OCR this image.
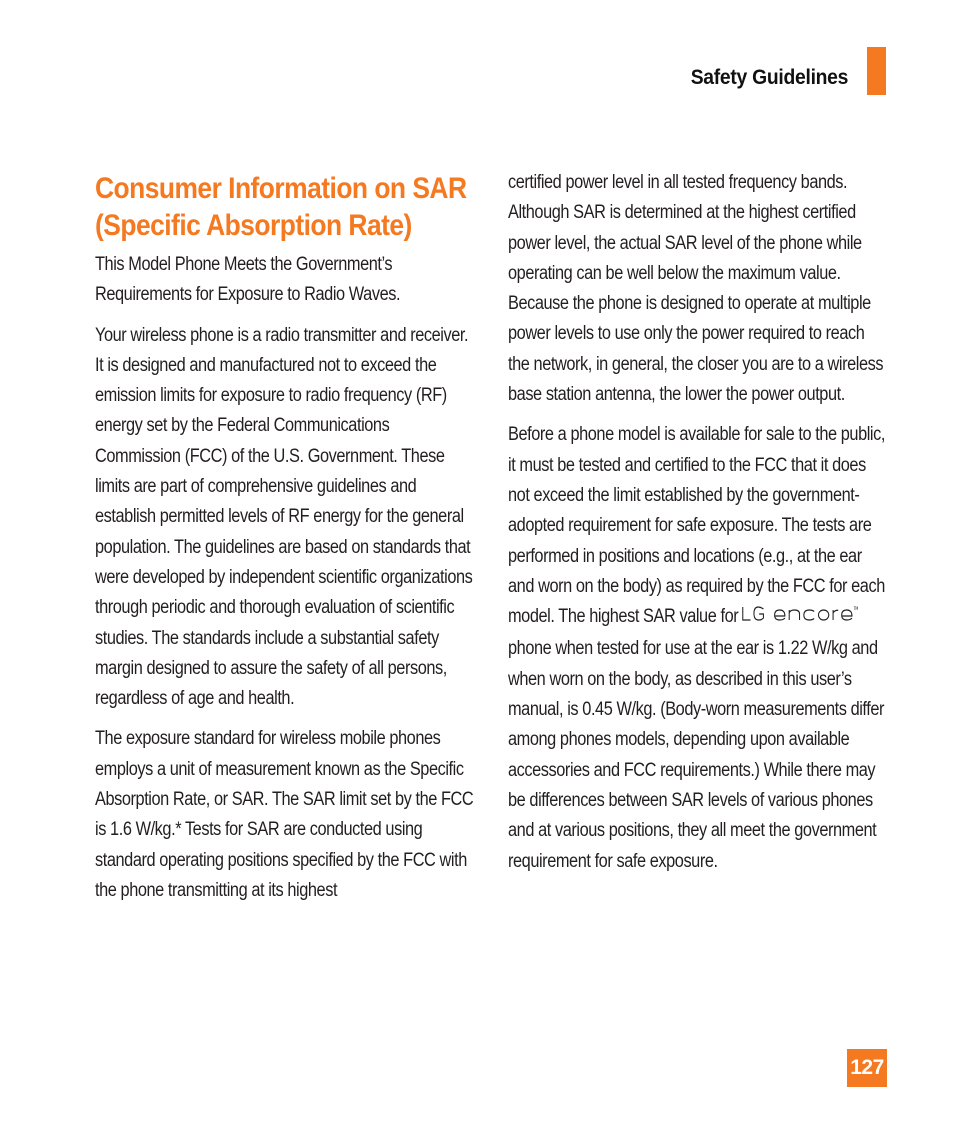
Safety Guidelines
Consumer Information on SAR (Specific Absorption Rate)

This Model Phone Meets the Government’s Requirements for Exposure to Radio Waves.

Your wireless phone is a radio transmitter and receiver. It is designed and manufactured not to exceed the emission limits for exposure to radio frequency (RF) energy set by the Federal Communications Commission (FCC) of the U.S. Government. These limits are part of comprehensive guidelines and establish permitted levels of RF energy for the general population. The guidelines are based on standards that were developed by independent scientific organizations through periodic and thorough evaluation of scientific studies. The standards include a substantial safety margin designed to assure the safety of all persons, regardless of age and health.

The exposure standard for wireless mobile phones employs a unit of measurement known as the Specific Absorption Rate, or SAR. The SAR limit set by the FCC is 1.6 W/kg.* Tests for SAR are conducted using standard operating positions specified by the FCC with the phone transmitting at its highest

certified power level in all tested frequency bands. Although SAR is determined at the highest certified power level, the actual SAR level of the phone while operating can be well below the maximum value. Because the phone is designed to operate at multiple power levels to use only the power required to reach the network, in general, the closer you are to a wireless base station antenna, the lower the power output.

Before a phone model is available for sale to the public, it must be tested and certified to the FCC that it does not exceed the limit established by the government-adopted requirement for safe exposure. The tests are performed in positions and locations (e.g., at the ear and worn on the body) as required by the FCC for each model. The highest SAR value for	TM
phone when tested for use at the ear is 1.22 W/kg and when worn on the body, as described in this user’s manual, is 0.45 W/kg. (Body-worn measurements differ among phones models, depending upon available accessories and FCC requirements.) While there may be differences between SAR levels of various phones and at various positions, they all meet the government requirement for safe exposure.

127
